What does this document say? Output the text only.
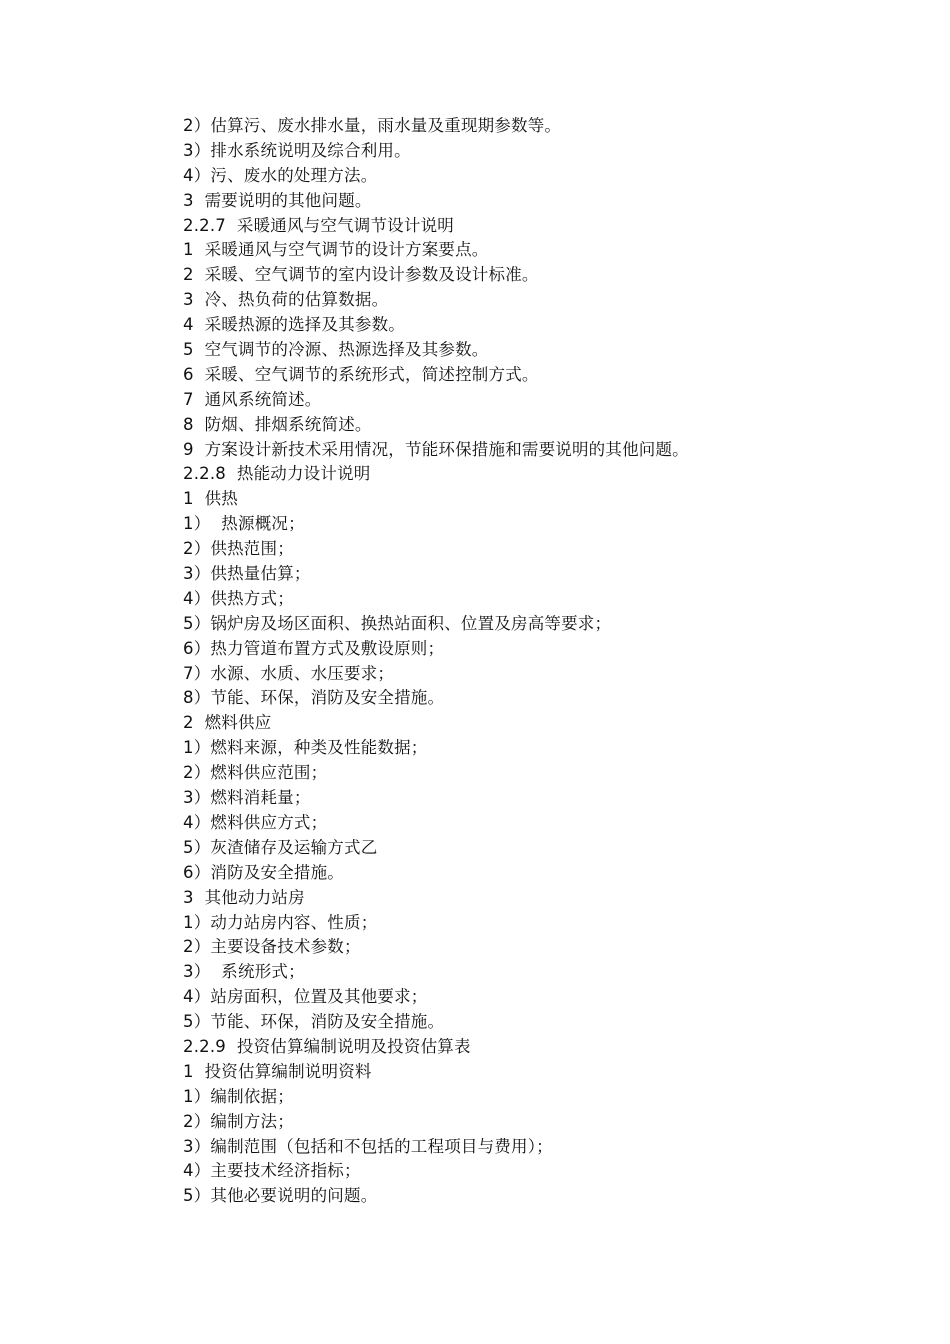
2）估算污、废水排水量，雨水量及重现期参数等。
3）排水系统说明及综合利用。
4）污、废水的处理方法。
3  需要说明的其他问题。
2.2.7  采暖通风与空气调节设计说明
1  采暖通风与空气调节的设计方案要点。
2  采暖、空气调节的室内设计参数及设计标准。
3  冷、热负荷的估算数据。
4  采暖热源的选择及其参数。
5  空气调节的冷源、热源选择及其参数。
6  采暖、空气调节的系统形式，简述控制方式。
7  通风系统简述。
8  防烟、排烟系统简述。
9  方案设计新技术采用情况，节能环保措施和需要说明的其他问题。
2.2.8  热能动力设计说明
1  供热
1）  热源概况；
2）供热范围；
3）供热量估算；
4）供热方式；
5）锅炉房及场区面积、换热站面积、位置及房高等要求；
6）热力管道布置方式及敷设原则；
7）水源、水质、水压要求；
8）节能、环保，消防及安全措施。
2  燃料供应
1）燃料来源，种类及性能数据；
2）燃料供应范围；
3）燃料消耗量；
4）燃料供应方式；
5）灰渣储存及运输方式乙
6）消防及安全措施。
3  其他动力站房
1）动力站房内容、性质；
2）主要设备技术参数；
3）  系统形式；
4）站房面积，位置及其他要求；
5）节能、环保，消防及安全措施。
2.2.9  投资估算编制说明及投资估算表
1  投资估算编制说明资料
1）编制依据；
2）编制方法；
3）编制范围（包括和不包括的工程项目与费用）；
4）主要技术经济指标；
5）其他必要说明的问题。
